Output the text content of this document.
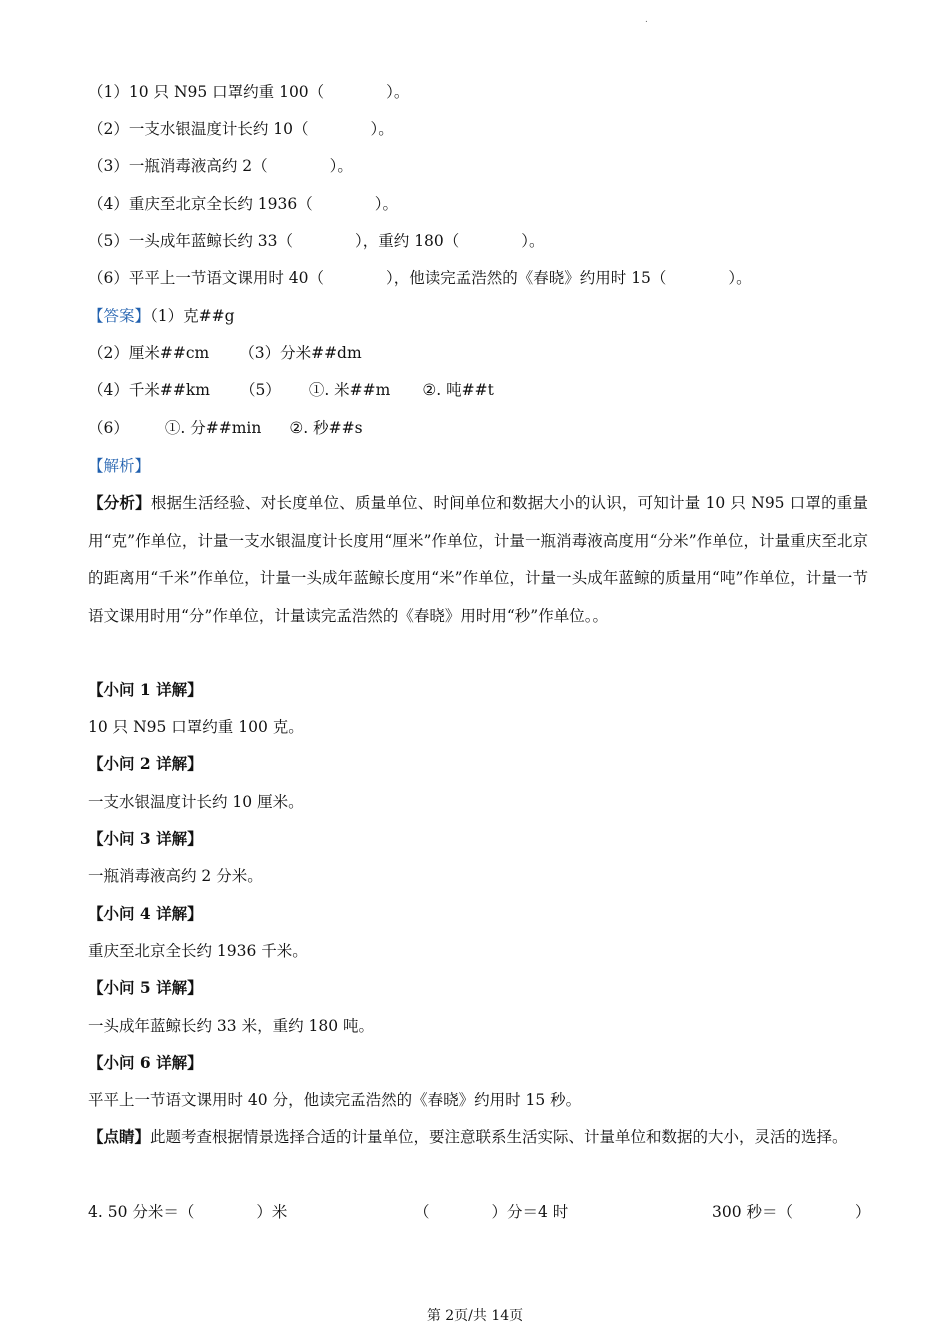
.
（1）10 只 N95 口罩约重 100（　　　　）。
（2）一支水银温度计长约 10（　　　　）。
（3）一瓶消毒液高约 2（　　　　）。
（4）重庆至北京全长约 1936（　　　　）。
（5）一头成年蓝鲸长约 33（　　　　），重约 180（　　　　）。
（6）平平上一节语文课用时 40（　　　　），他读完孟浩然的《春晓》约用时 15（　　　　）。
【答案】（1）克##g
（2）厘米##cm （3）分米##dm
（4）千米##km （5） ①. 米##m ②. 吨##t
（6） ①. 分##min ②. 秒##s
【解析】
【分析】根据生活经验、对长度单位、质量单位、时间单位和数据大小的认识，可知计量 10 只 N95 口罩的重量用“克”作单位，计量一支水银温度计长度用“厘米”作单位，计量一瓶消毒液高度用“分米”作单位，计量重庆至北京的距离用“千米”作单位，计量一头成年蓝鲸长度用“米”作单位，计量一头成年蓝鲸的质量用“吨”作单位，计量一节语文课用时用“分”作单位，计量读完孟浩然的《春晓》用时用“秒”作单位。。
【小问 1 详解】
10 只 N95 口罩约重 100 克。
【小问 2 详解】
一支水银温度计长约 10 厘米。
【小问 3 详解】
一瓶消毒液高约 2 分米。
【小问 4 详解】
重庆至北京全长约 1936 千米。
【小问 5 详解】
一头成年蓝鲸长约 33 米，重约 180 吨。
【小问 6 详解】
平平上一节语文课用时 40 分，他读完孟浩然的《春晓》约用时 15 秒。
【点睛】此题考查根据情景选择合适的计量单位，要注意联系生活实际、计量单位和数据的大小，灵活的选择。
4. 50 分米＝（　　　　）米	（　　　　）分＝4 时	300 秒＝（　　　　）
第 2页/共 14页
